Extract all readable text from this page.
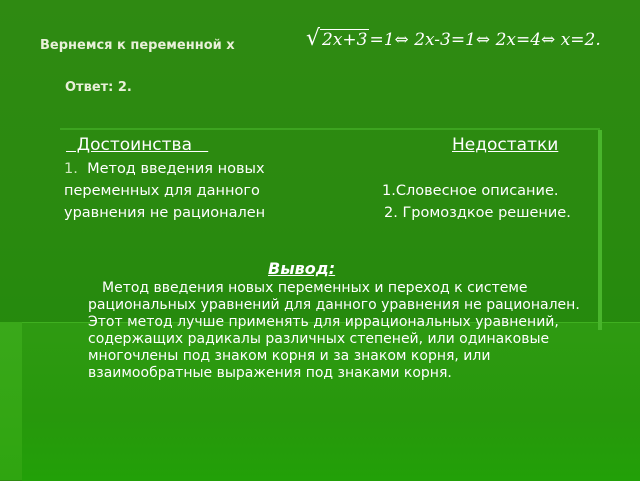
Вернемся к переменной х
√	2x+3 =1⇔ 2x-3=1⇔ 2x=4⇔ x=2.
Ответ: 2.
Достоинства	Недостатки
1. Метод введения новых
переменных для данного
уравнения не рационален
1.Словесное описание.
2. Громоздкое решение.
Вывод:
Метод введения новых переменных и переход к системе рациональных уравнений для данного уравнения не рационален. Этот метод лучше применять для иррациональных уравнений, содержащих радикалы различных степеней, или одинаковые многочлены под знаком корня и за знаком корня, или взаимообратные выражения под знаками корня.
